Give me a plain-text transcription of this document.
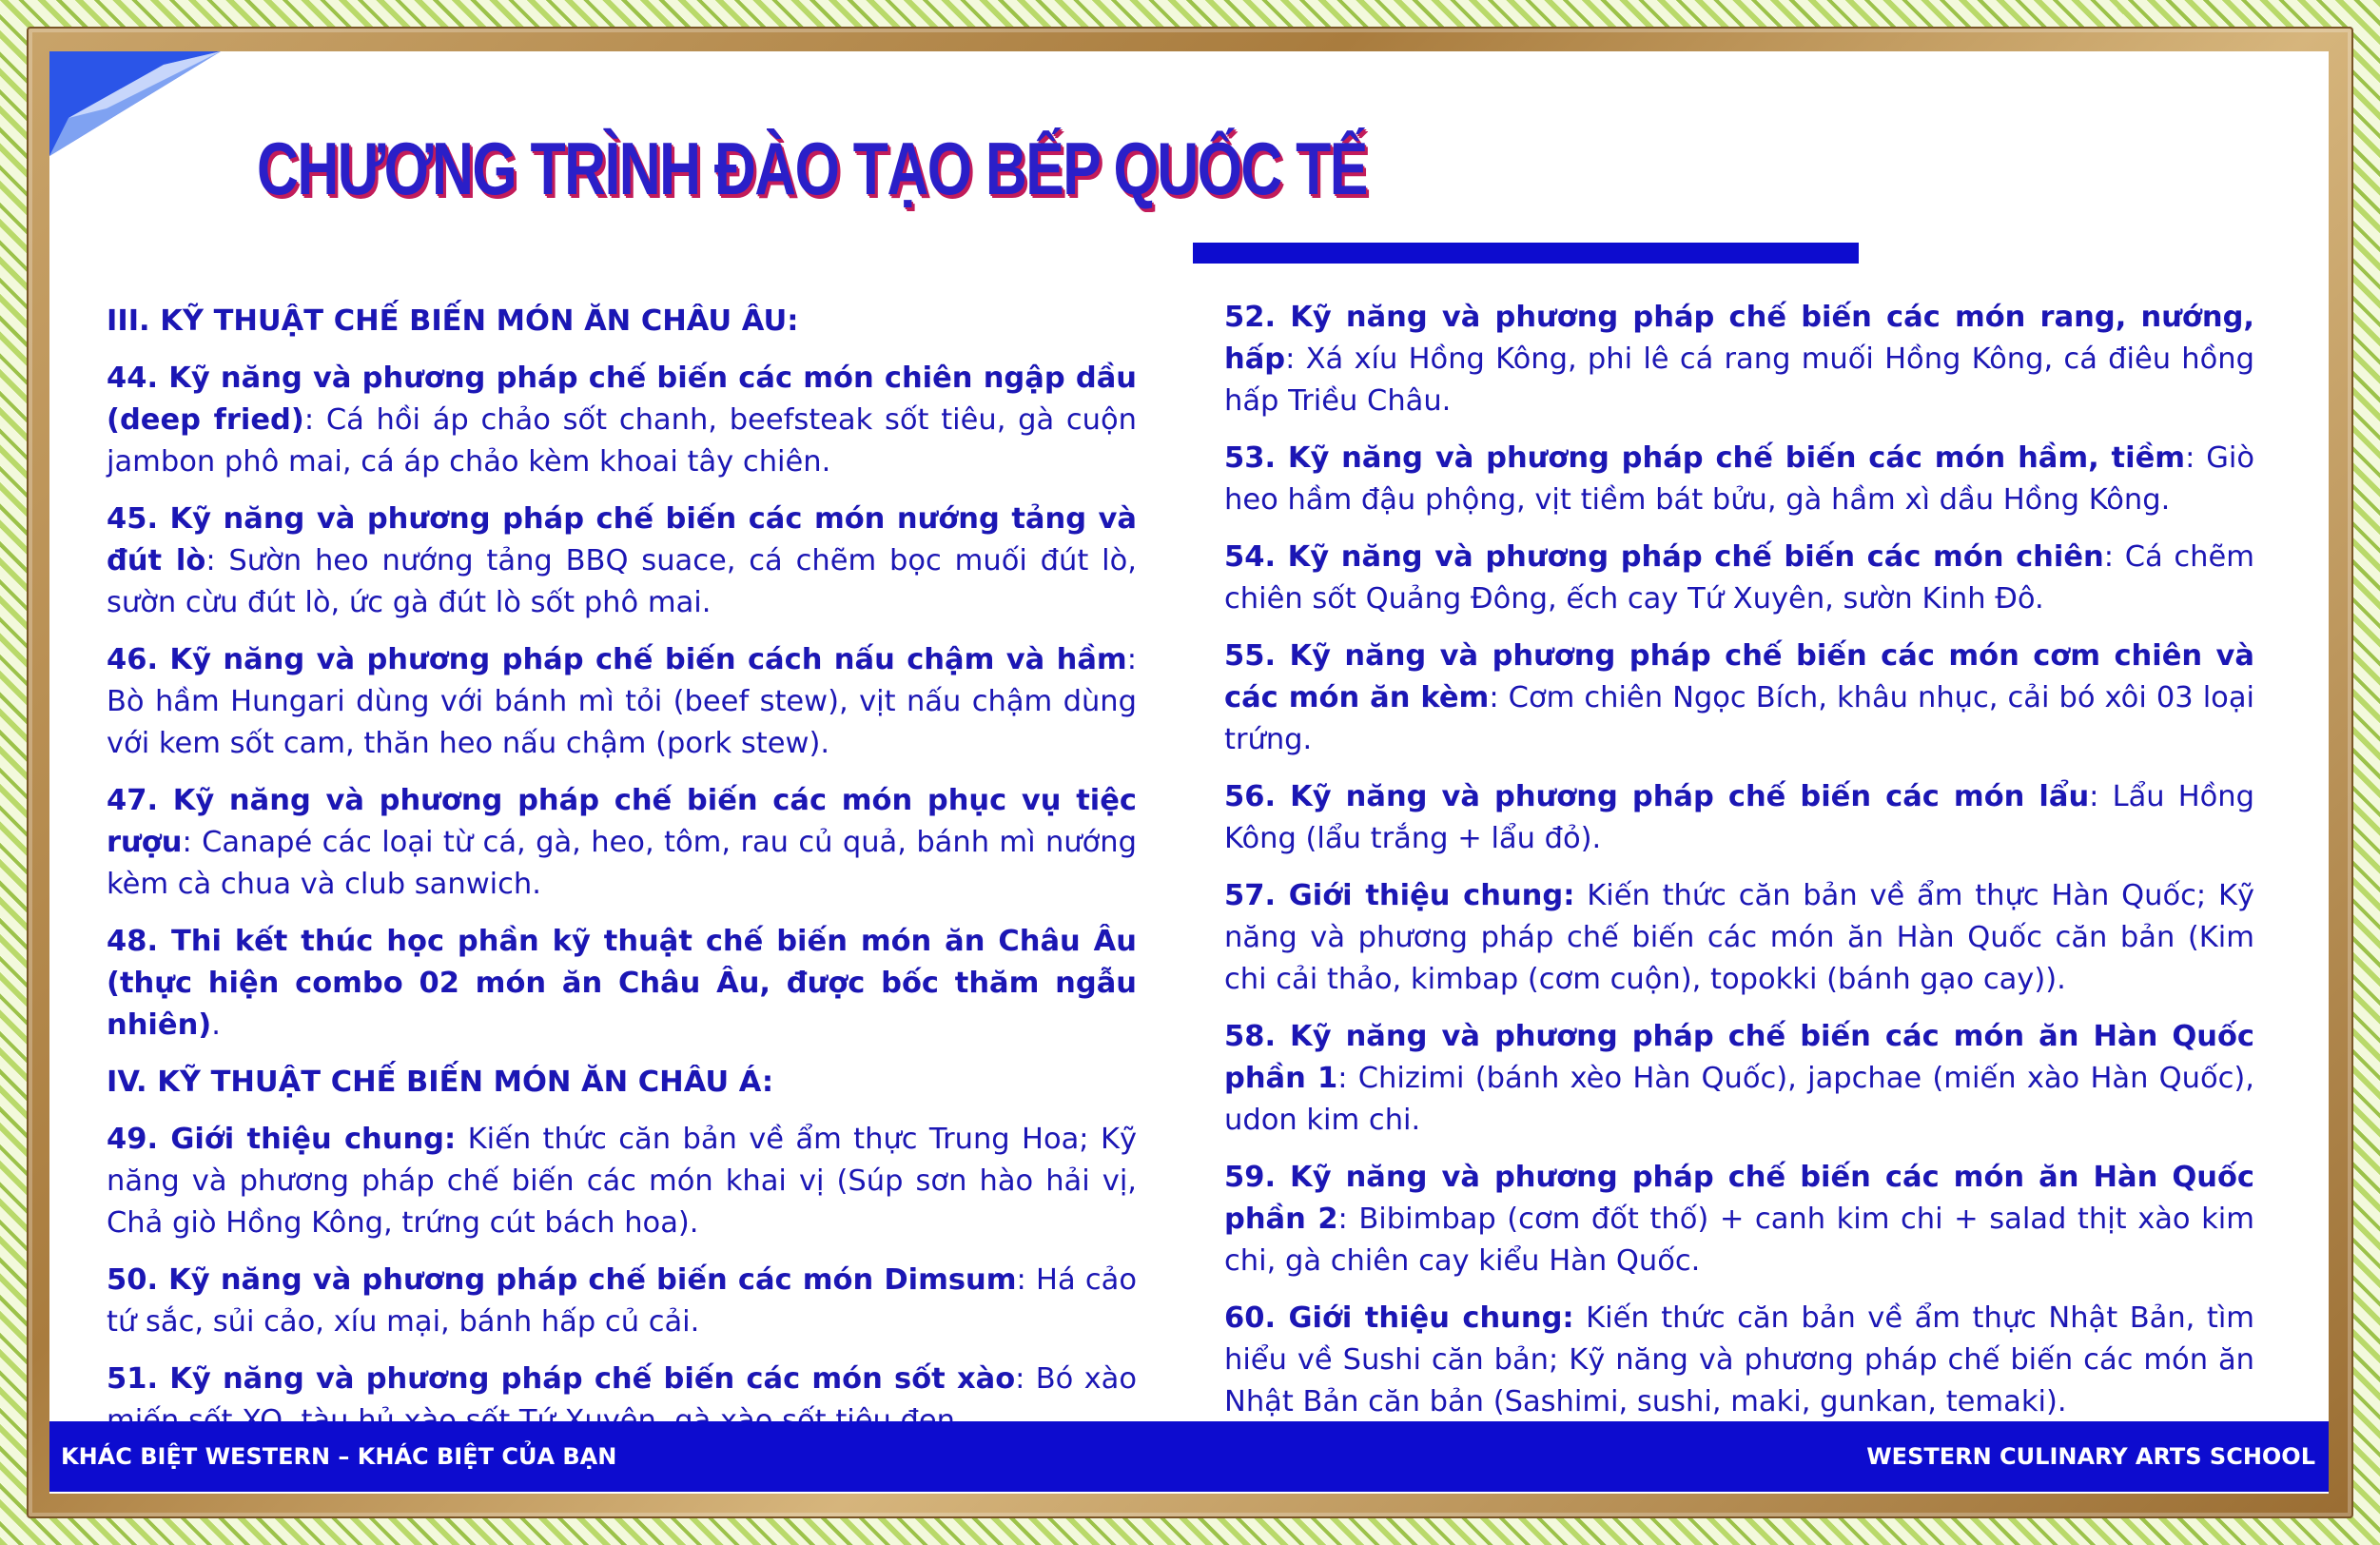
CHƯƠNG TRÌNH ĐÀO TẠO BẾP QUỐC TẾ
III. KỸ THUẬT CHẾ BIẾN MÓN ĂN CHÂU ÂU:
44. Kỹ năng và phương pháp chế biến các món chiên ngập dầu (deep fried): Cá hồi áp chảo sốt chanh, beefsteak sốt tiêu, gà cuộn jambon phô mai, cá áp chảo kèm khoai tây chiên.
45. Kỹ năng và phương pháp chế biến các món nướng tảng và đút lò: Sườn heo nướng tảng BBQ suace, cá chẽm bọc muối đút lò, sườn cừu đút lò, ức gà đút lò sốt phô mai.
46. Kỹ năng và phương pháp chế biến cách nấu chậm và hầm: Bò hầm Hungari dùng với bánh mì tỏi (beef stew), vịt nấu chậm dùng với kem sốt cam, thăn heo nấu chậm (pork stew).
47. Kỹ năng và phương pháp chế biến các món phục vụ tiệc rượu: Canapé các loại từ cá, gà, heo, tôm, rau củ quả, bánh mì nướng kèm cà chua và club sanwich.
48. Thi kết thúc học phần kỹ thuật chế biến món ăn Châu Âu (thực hiện combo 02 món ăn Châu Âu, được bốc thăm ngẫu nhiên).
IV. KỸ THUẬT CHẾ BIẾN MÓN ĂN CHÂU Á:
49. Giới thiệu chung: Kiến thức căn bản về ẩm thực Trung Hoa; Kỹ năng và phương pháp chế biến các món khai vị (Súp sơn hào hải vị, Chả giò Hồng Kông, trứng cút bách hoa).
50. Kỹ năng và phương pháp chế biến các món Dimsum: Há cảo tứ sắc, sủi cảo, xíu mại, bánh hấp củ cải.
51. Kỹ năng và phương pháp chế biến các món sốt xào: Bó xào
52. Kỹ năng và phương pháp chế biến các món rang, nướng, hấp: Xá xíu Hồng Kông, phi lê cá rang muối Hồng Kông, cá điêu hồng hấp Triều Châu.
53. Kỹ năng và phương pháp chế biến các món hầm, tiềm: Giò heo hầm đậu phộng, vịt tiềm bát bửu, gà hầm xì dầu Hồng Kông.
54. Kỹ năng và phương pháp chế biến các món chiên: Cá chẽm chiên sốt Quảng Đông, ếch cay Tứ Xuyên, sườn Kinh Đô.
55. Kỹ năng và phương pháp chế biến các món cơm chiên và các món ăn kèm: Cơm chiên Ngọc Bích, khâu nhục, cải bó xôi 03 loại trứng.
56. Kỹ năng và phương pháp chế biến các món lẩu: Lẩu Hồng Kông (lẩu trắng + lẩu đỏ).
57. Giới thiệu chung: Kiến thức căn bản về ẩm thực Hàn Quốc; Kỹ năng và phương pháp chế biến các món ăn Hàn Quốc căn bản (Kim chi cải thảo, kimbap (cơm cuộn), topokki (bánh gạo cay)).
58. Kỹ năng và phương pháp chế biến các món ăn Hàn Quốc phần 1: Chizimi (bánh xèo Hàn Quốc), japchae (miến xào Hàn Quốc), udon kim chi.
59. Kỹ năng và phương pháp chế biến các món ăn Hàn Quốc phần 2: Bibimbap (cơm đốt thố) + canh kim chi + salad thịt xào kim chi, gà chiên cay kiểu Hàn Quốc.
60. Giới thiệu chung: Kiến thức căn bản về ẩm thực Nhật Bản, tìm hiểu về Sushi căn bản; Kỹ năng và phương pháp chế biến các món ăn Nhật Bản căn bản (Sashimi, sushi, maki, gunkan, temaki).
KHÁC BIỆT WESTERN – KHÁC BIỆT CỦA BẠN	WESTERN CULINARY ARTS SCHOOL
